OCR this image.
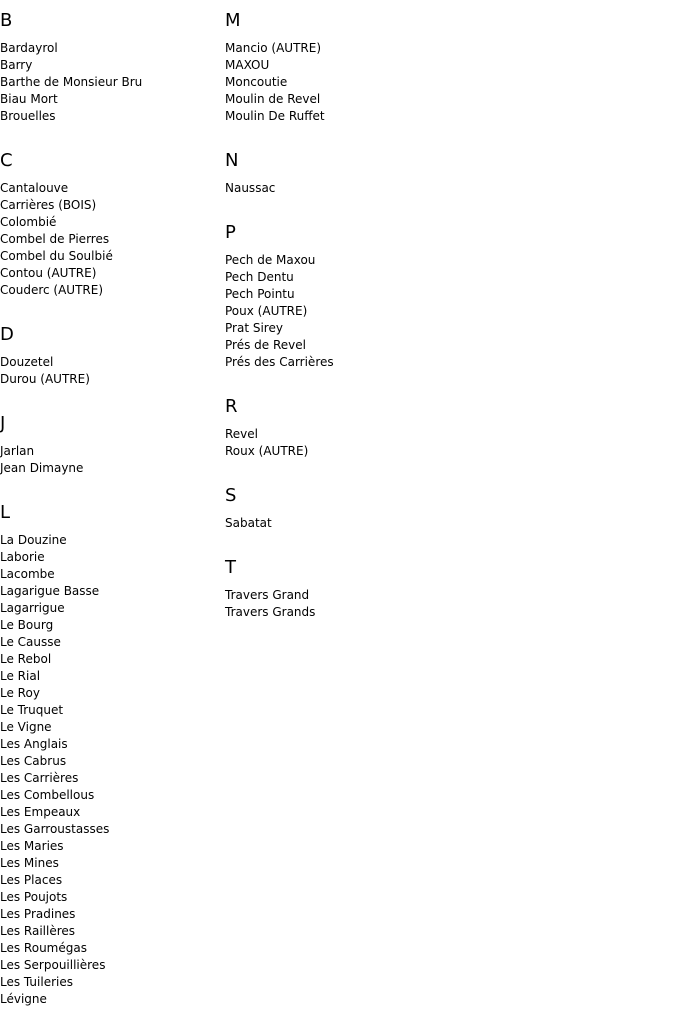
B
Bardayrol
Barry
Barthe de Monsieur Bru
Biau Mort
Brouelles
C
Cantalouve
Carrières (BOIS)
Colombié
Combel de Pierres
Combel du Soulbié
Contou (AUTRE)
Couderc (AUTRE)
D
Douzetel
Durou (AUTRE)
J
Jarlan
Jean Dimayne
L
La Douzine
Laborie
Lacombe
Lagarigue Basse
Lagarrigue
Le Bourg
Le Causse
Le Rebol
Le Rial
Le Roy
Le Truquet
Le Vigne
Les Anglais
Les Cabrus
Les Carrières
Les Combellous
Les Empeaux
Les Garroustasses
Les Maries
Les Mines
Les Places
Les Poujots
Les Pradines
Les Raillères
Les Roumégas
Les Serpouillières
Les Tuileries
Lévigne
M
Mancio (AUTRE)
MAXOU
Moncoutie
Moulin de Revel
Moulin De Ruffet
N
Naussac
P
Pech de Maxou
Pech Dentu
Pech Pointu
Poux (AUTRE)
Prat Sirey
Prés de Revel
Prés des Carrières
R
Revel
Roux (AUTRE)
S
Sabatat
T
Travers Grand
Travers Grands
